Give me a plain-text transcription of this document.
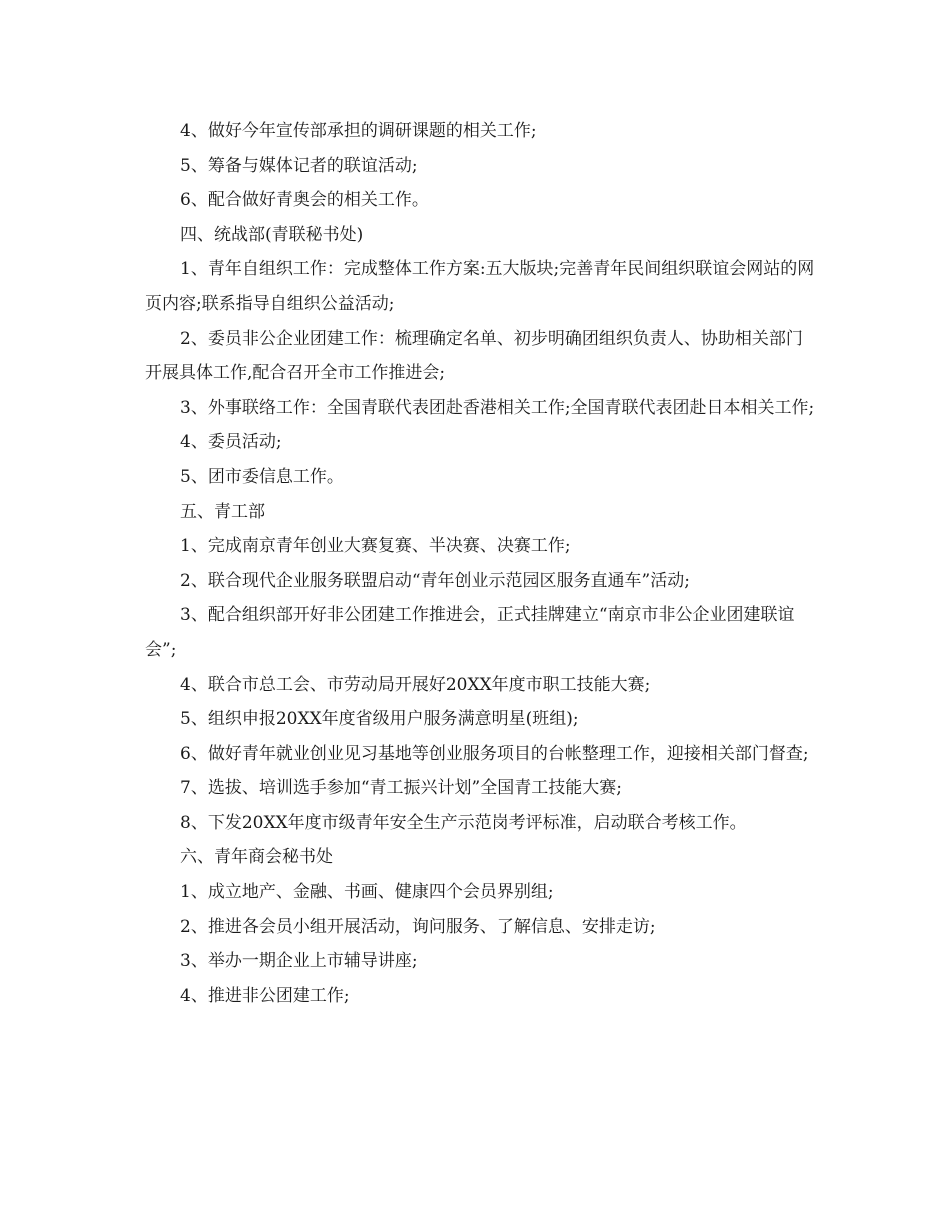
4、做好今年宣传部承担的调研课题的相关工作;

5、筹备与媒体记者的联谊活动;

6、配合做好青奥会的相关工作。

四、统战部(青联秘书处)

1、青年自组织工作：完成整体工作方案:五大版块;完善青年民间组织联谊会网站的网页内容;联系指导自组织公益活动;

2、委员非公企业团建工作：梳理确定名单、初步明确团组织负责人、协助相关部门开展具体工作,配合召开全市工作推进会;

3、外事联络工作：全国青联代表团赴香港相关工作;全国青联代表团赴日本相关工作;

4、委员活动;

5、团市委信息工作。

五、青工部

1、完成南京青年创业大赛复赛、半决赛、决赛工作;

2、联合现代企业服务联盟启动“青年创业示范园区服务直通车”活动;

3、配合组织部开好非公团建工作推进会，正式挂牌建立“南京市非公企业团建联谊会”;

4、联合市总工会、市劳动局开展好20XX年度市职工技能大赛;

5、组织申报20XX年度省级用户服务满意明星(班组);

6、做好青年就业创业见习基地等创业服务项目的台帐整理工作，迎接相关部门督查;

7、选拔、培训选手参加“青工振兴计划”全国青工技能大赛;

8、下发20XX年度市级青年安全生产示范岗考评标准，启动联合考核工作。

六、青年商会秘书处

1、成立地产、金融、书画、健康四个会员界别组;

2、推进各会员小组开展活动，询问服务、了解信息、安排走访;

3、举办一期企业上市辅导讲座;

4、推进非公团建工作;
